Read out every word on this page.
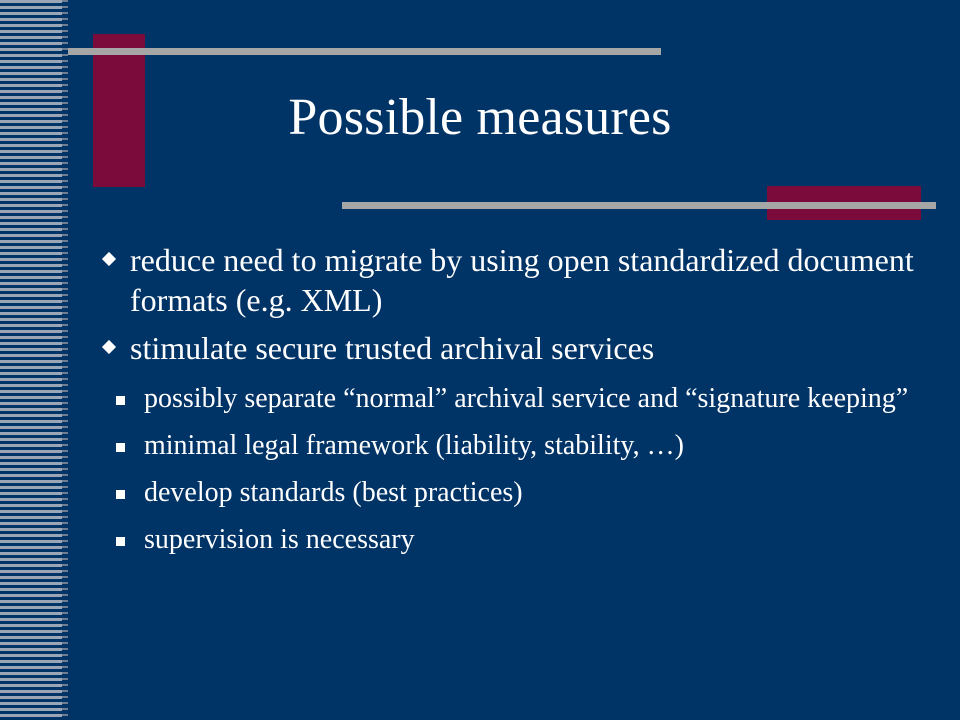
Possible measures
reduce need to migrate by using open standardized document formats (e.g. XML)
stimulate secure trusted archival services
possibly separate “normal” archival service and “signature keeping”
minimal legal framework (liability, stability, …)
develop standards (best practices)
supervision is necessary
